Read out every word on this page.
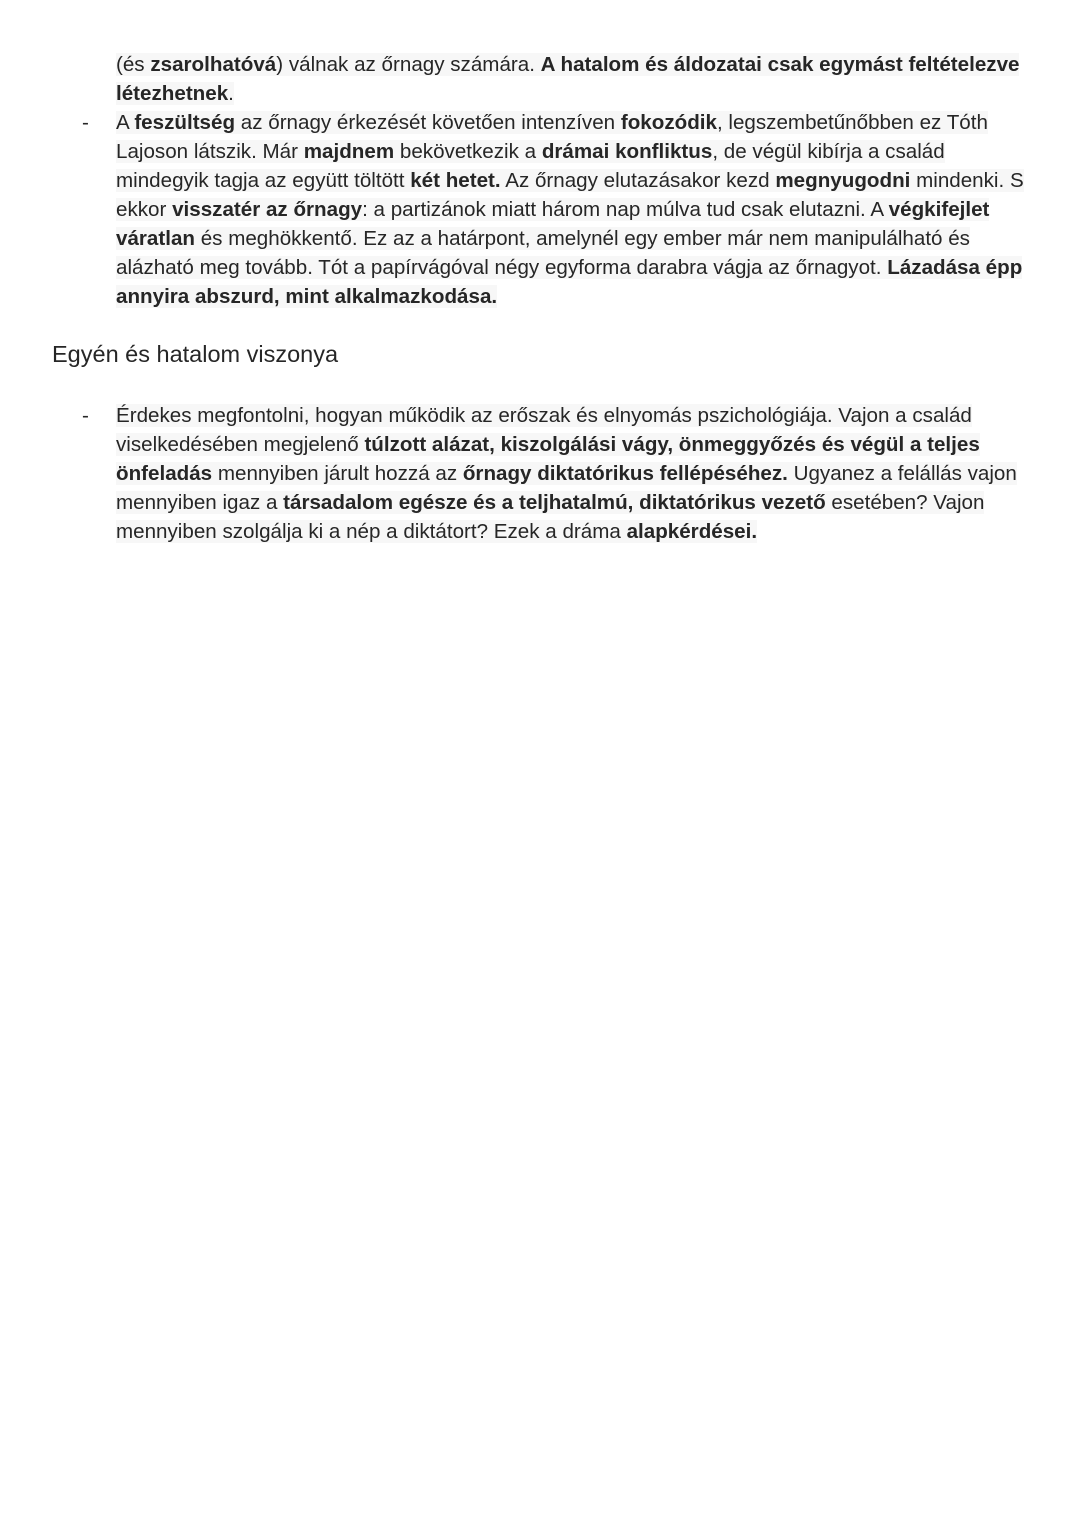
(és zsarolhatóvá) válnak az őrnagy számára. A hatalom és áldozatai csak egymást feltételezve létezhetnek.

- A feszültség az őrnagy érkezését követően intenzíven fokozódik, legszembetűnőbben ez Tóth Lajoson látszik. Már majdnem bekövetkezik a drámai konfliktus, de végül kibírja a család mindegyik tagja az együtt töltött két hetet. Az őrnagy elutazásakor kezd megnyugodni mindenki. S ekkor visszatér az őrnagy: a partizánok miatt három nap múlva tud csak elutazni. A végkifejlet váratlan és meghökkentő. Ez az a határpont, amelynél egy ember már nem manipulálható és alázható meg tovább. Tót a papírvágóval négy egyforma darabra vágja az őrnagyot. Lázadása épp annyira abszurd, mint alkalmazkodása.

Egyén és hatalom viszonya
- Érdekes megfontolni, hogyan működik az erőszak és elnyomás pszichológiája. Vajon a család viselkedésében megjelenő túlzott alázat, kiszolgálási vágy, önmeggyőzés és végül a teljes önfeladás mennyiben járult hozzá az őrnagy diktatórikus fellépéséhez. Ugyanez a felállás vajon mennyiben igaz a társadalom egésze és a teljhatalmú, diktatórikus vezető esetében? Vajon mennyiben szolgálja ki a nép a diktátort? Ezek a dráma alapkérdései.
